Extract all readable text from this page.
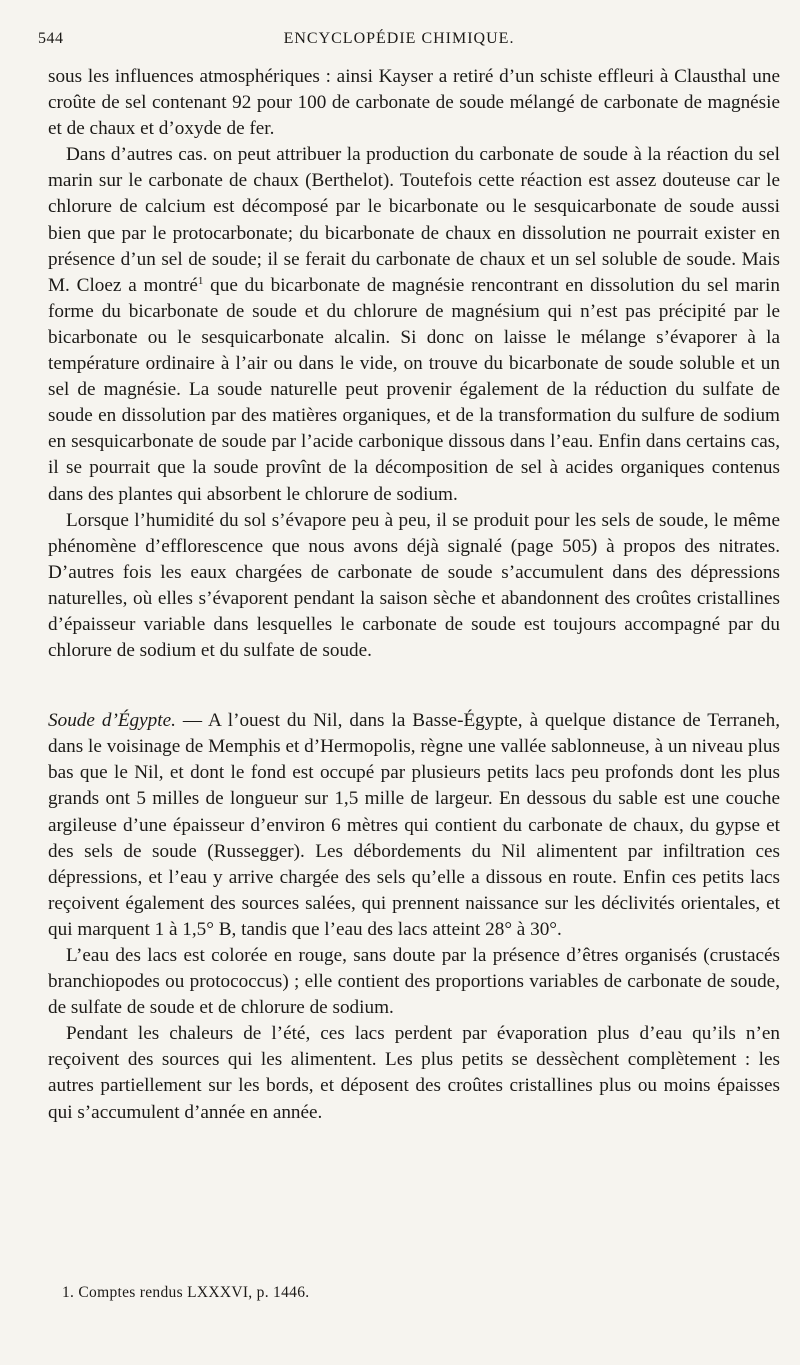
544	ENCYCLOPÉDIE CHIMIQUE.

sous les influences atmosphériques : ainsi Kayser a retiré d’un schiste effleuri à Clausthal une croûte de sel contenant 92 pour 100 de carbonate de soude mélangé de carbonate de magnésie et de chaux et d’oxyde de fer.

Dans d’autres cas. on peut attribuer la production du carbonate de soude à la réaction du sel marin sur le carbonate de chaux (Berthelot). Toutefois cette réaction est assez douteuse car le chlorure de calcium est décomposé par le bicarbonate ou le sesquicarbonate de soude aussi bien que par le protocarbonate; du bicarbonate de chaux en dissolution ne pourrait exister en présence d’un sel de soude; il se ferait du carbonate de chaux et un sel soluble de soude. Mais M. Cloez a montré$^1$ que du bicarbonate de magnésie rencontrant en dissolution du sel marin forme du bicarbonate de soude et du chlorure de magnésium qui n’est pas précipité par le bicarbonate ou le sesquicarbonate alcalin. Si donc on laisse le mélange s’évaporer à la température ordinaire à l’air ou dans le vide, on trouve du bicarbonate de soude soluble et un sel de magnésie. La soude naturelle peut provenir également de la réduction du sulfate de soude en dissolution par des matières organiques, et de la transformation du sulfure de sodium en sesquicarbonate de soude par l’acide carbonique dissous dans l’eau. Enfin dans certains cas, il se pourrait que la soude provînt de la décomposition de sel à acides organiques contenus dans des plantes qui absorbent le chlorure de sodium.

Lorsque l’humidité du sol s’évapore peu à peu, il se produit pour les sels de soude, le même phénomène d’efflorescence que nous avons déjà signalé (page 505) à propos des nitrates. D’autres fois les eaux chargées de carbonate de soude s’accumulent dans des dépressions naturelles, où elles s’évaporent pendant la saison sèche et abandonnent des croûtes cristallines d’épaisseur variable dans lesquelles le carbonate de soude est toujours accompagné par du chlorure de sodium et du sulfate de soude.

Soude d’Égypte. — A l’ouest du Nil, dans la Basse-Égypte, à quelque distance de Terraneh, dans le voisinage de Memphis et d’Hermopolis, règne une vallée sablonneuse, à un niveau plus bas que le Nil, et dont le fond est occupé par plusieurs petits lacs peu profonds dont les plus grands ont 5 milles de longueur sur 1,5 mille de largeur. En dessous du sable est une couche argileuse d’une épaisseur d’environ 6 mètres qui contient du carbonate de chaux, du gypse et des sels de soude (Russegger). Les débordements du Nil alimentent par infiltration ces dépressions, et l’eau y arrive chargée des sels qu’elle a dissous en route. Enfin ces petits lacs reçoivent également des sources salées, qui prennent naissance sur les déclivités orientales, et qui marquent 1 à 1,5° B, tandis que l’eau des lacs atteint 28° à 30°.

L’eau des lacs est colorée en rouge, sans doute par la présence d’êtres organisés (crustacés branchiopodes ou protococcus) ; elle contient des proportions variables de carbonate de soude, de sulfate de soude et de chlorure de sodium.

Pendant les chaleurs de l’été, ces lacs perdent par évaporation plus d’eau qu’ils n’en reçoivent des sources qui les alimentent. Les plus petits se dessèchent complètement : les autres partiellement sur les bords, et déposent des croûtes cristallines plus ou moins épaisses qui s’accumulent d’année en année.

1. Comptes rendus LXXXVI, p. 1446.
